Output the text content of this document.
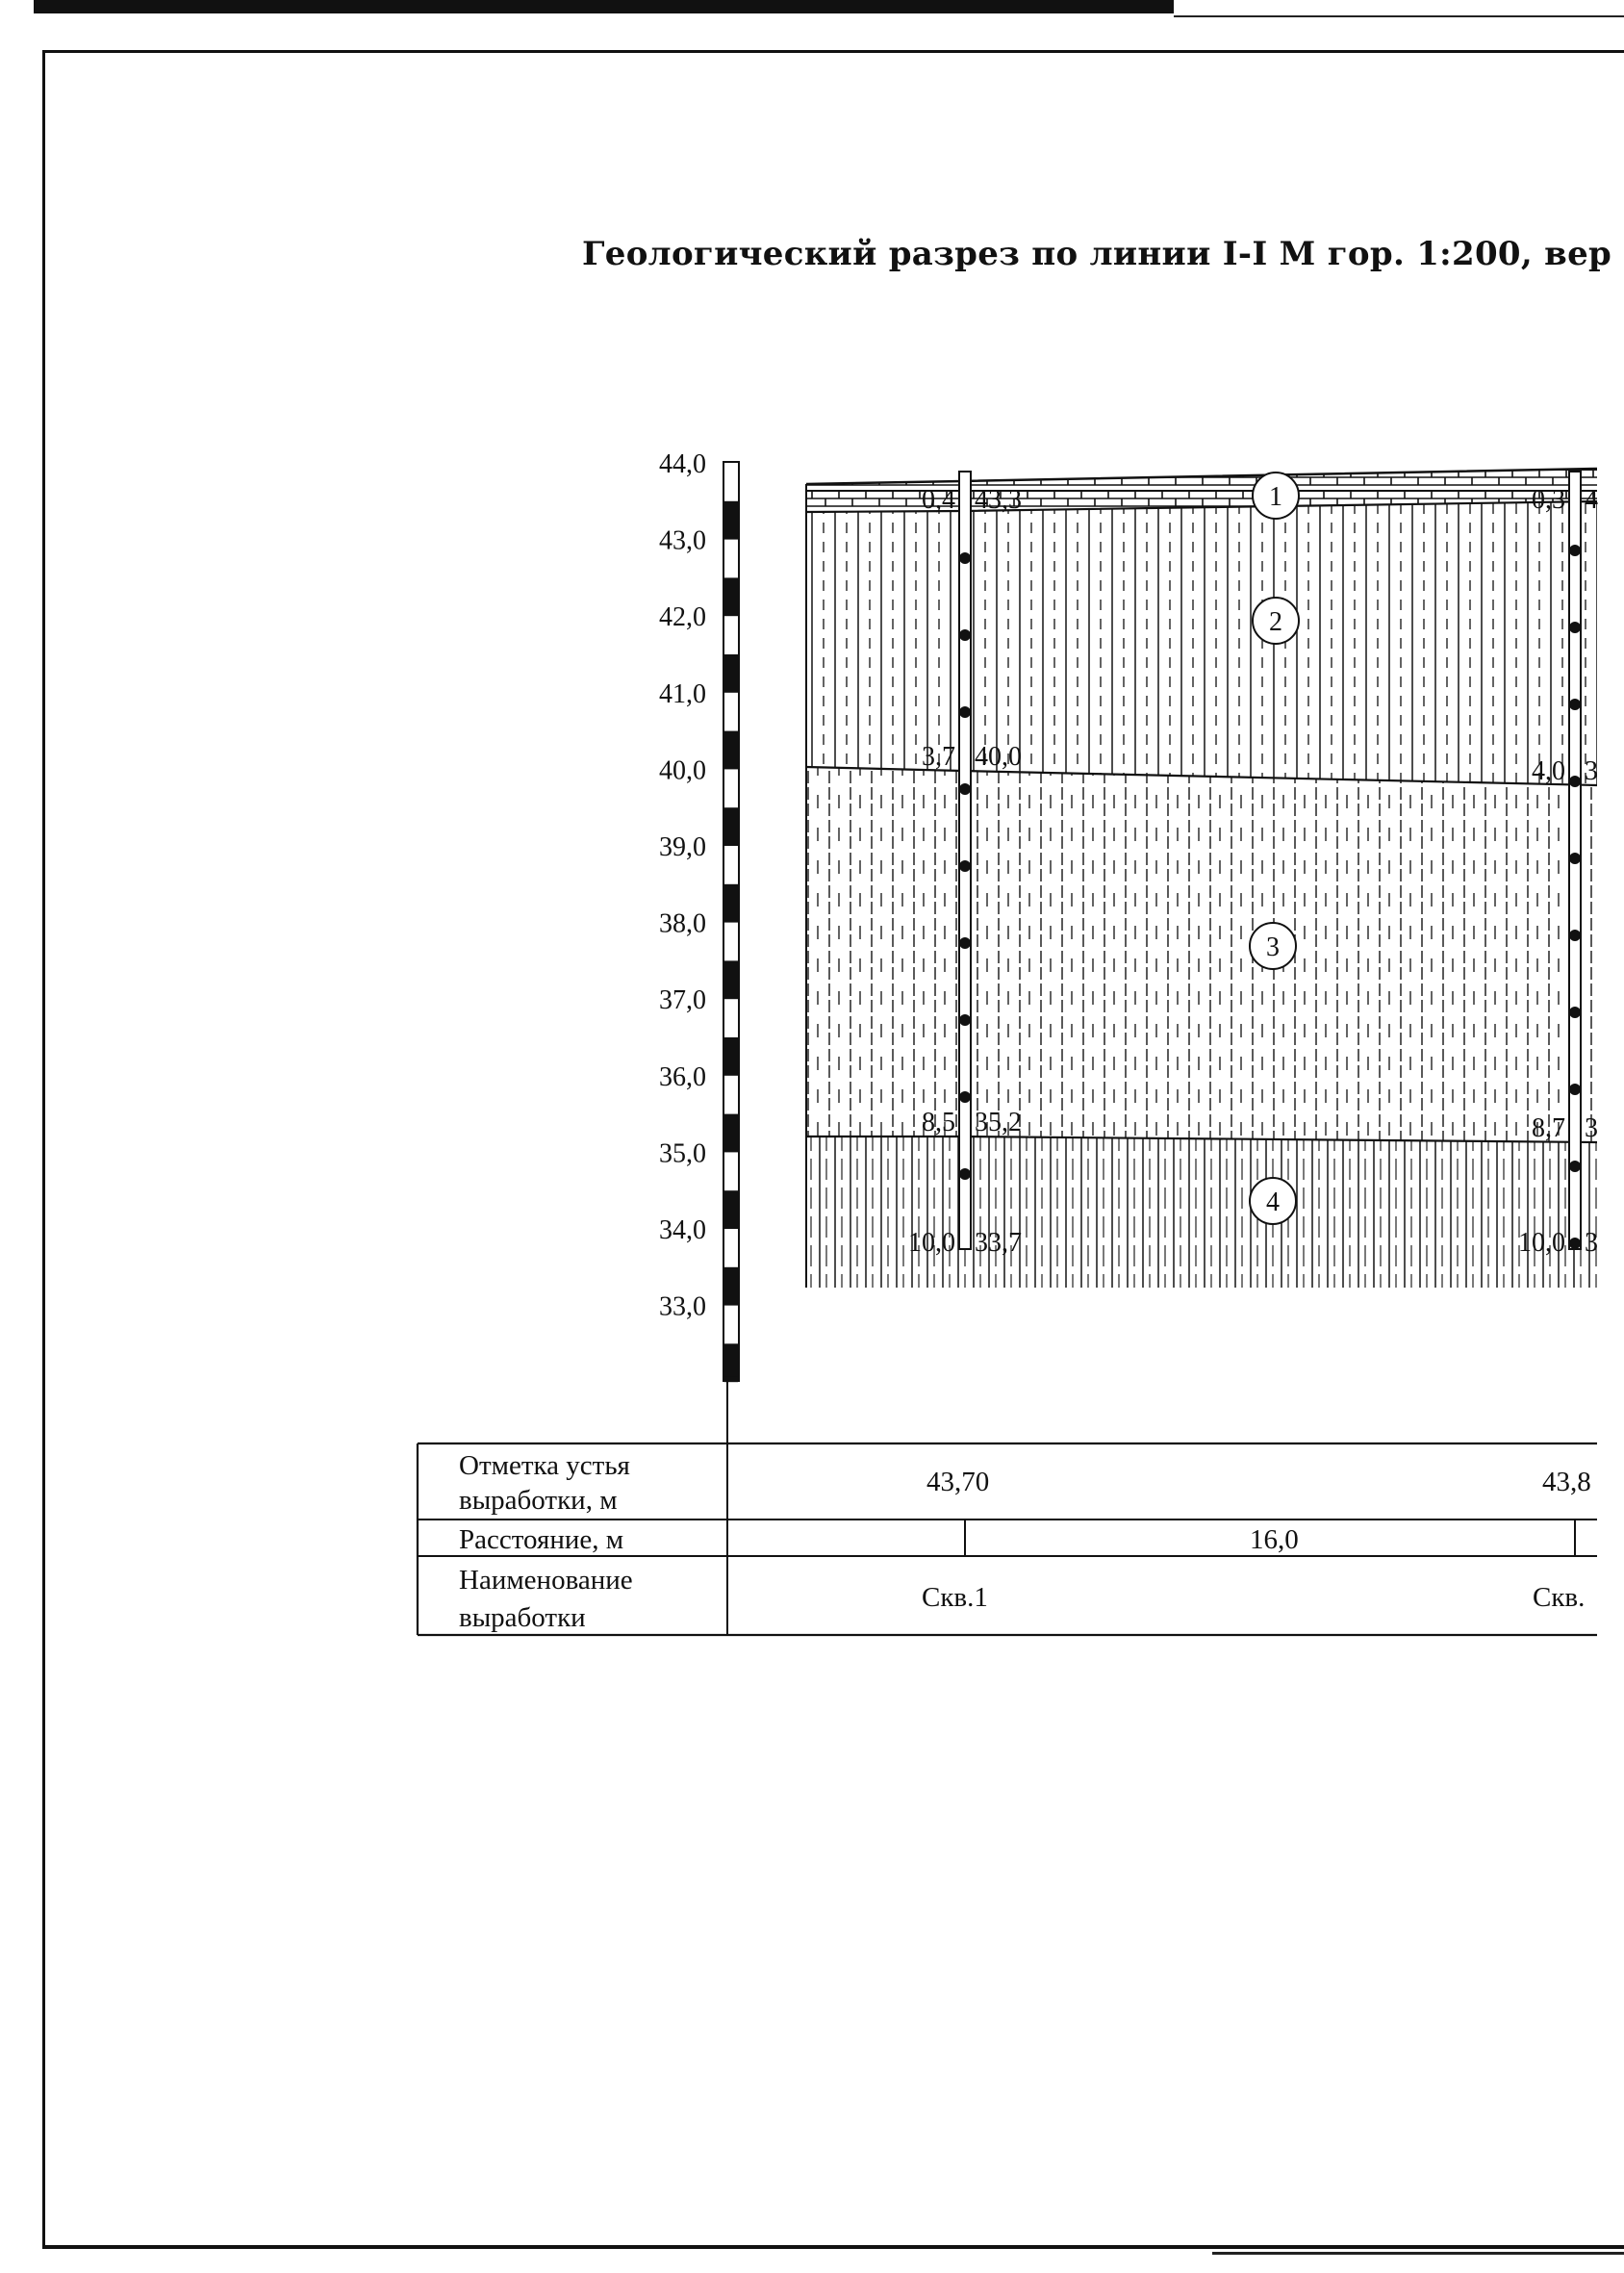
Геологический разрез по линии I-I М гор. 1:200, вер
44,0
43,0
42,0
41,0
40,0
39,0
38,0
37,0
36,0
35,0
34,0
33,0
0,4 43,3
3,7 40,0
8,5 35,2
10,0 33,7
0,3 4
4,0 3
8,7 3
10,0 3
1
2
3
4
Отметка устья
выработки, м
Расстояние, м
Наименование
выработки
43,70	43,8
16,0
Скв.1	Скв.
